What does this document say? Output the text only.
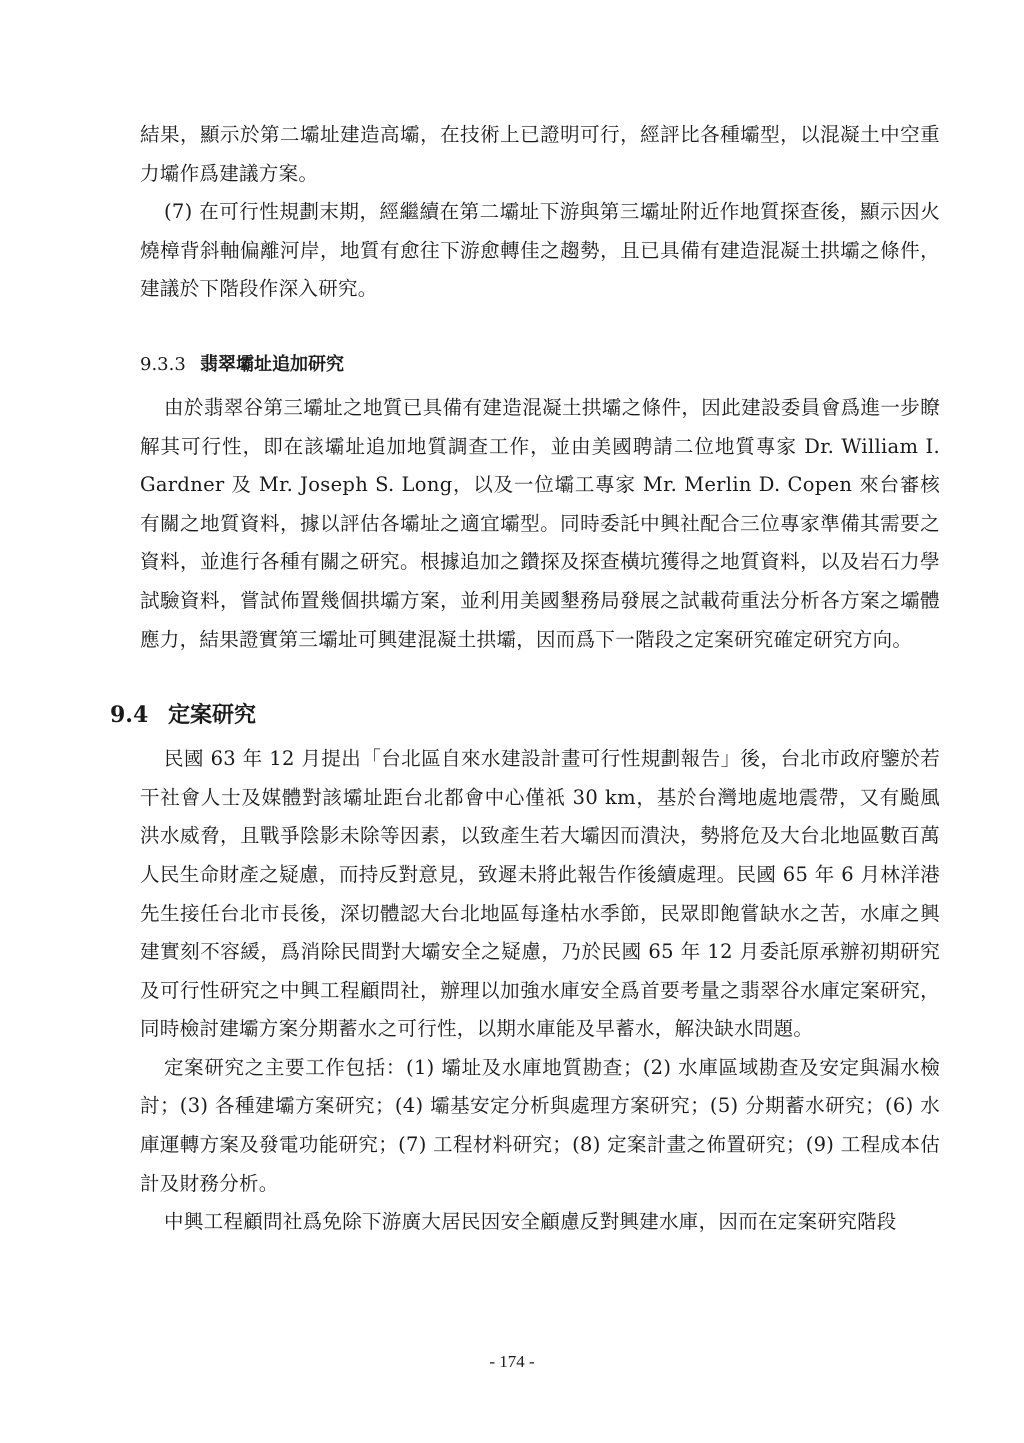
結果，顯示於第二壩址建造高壩，在技術上已證明可行，經評比各種壩型，以混凝土中空重力壩作爲建議方案。

(7) 在可行性規劃末期，經繼續在第二壩址下游與第三壩址附近作地質探查後，顯示因火燒樟背斜軸偏離河岸，地質有愈往下游愈轉佳之趨勢，且已具備有建造混凝土拱壩之條件，建議於下階段作深入研究。

9.3.3 翡翠壩址追加研究

由於翡翠谷第三壩址之地質已具備有建造混凝土拱壩之條件，因此建設委員會爲進一步瞭解其可行性，即在該壩址追加地質調查工作，並由美國聘請二位地質專家 Dr. William I. Gardner 及 Mr. Joseph S. Long，以及一位壩工專家 Mr. Merlin D. Copen 來台審核有關之地質資料，據以評估各壩址之適宜壩型。同時委託中興社配合三位專家準備其需要之資料，並進行各種有關之研究。根據追加之鑽探及探查橫坑獲得之地質資料，以及岩石力學試驗資料，嘗試佈置幾個拱壩方案，並利用美國墾務局發展之試載荷重法分析各方案之壩體應力，結果證實第三壩址可興建混凝土拱壩，因而爲下一階段之定案研究確定研究方向。

9.4 定案研究

民國 63 年 12 月提出「台北區自來水建設計畫可行性規劃報告」後，台北市政府鑒於若干社會人士及媒體對該壩址距台北都會中心僅祇 30 km，基於台灣地處地震帶，又有颱風洪水威脅，且戰爭陰影未除等因素，以致產生若大壩因而潰決，勢將危及大台北地區數百萬人民生命財產之疑慮，而持反對意見，致遲未將此報告作後續處理。民國 65 年 6 月林洋港先生接任台北市長後，深切體認大台北地區每逢枯水季節，民眾即飽嘗缺水之苦，水庫之興建實刻不容緩，爲消除民間對大壩安全之疑慮，乃於民國 65 年 12 月委託原承辦初期研究及可行性研究之中興工程顧問社，辦理以加強水庫安全爲首要考量之翡翠谷水庫定案研究，同時檢討建壩方案分期蓄水之可行性，以期水庫能及早蓄水，解決缺水問題。

定案研究之主要工作包括：(1) 壩址及水庫地質勘查；(2) 水庫區域勘查及安定與漏水檢討；(3) 各種建壩方案研究；(4) 壩基安定分析與處理方案研究；(5) 分期蓄水研究；(6) 水庫運轉方案及發電功能研究；(7) 工程材料研究；(8) 定案計畫之佈置研究；(9) 工程成本估計及財務分析。

中興工程顧問社爲免除下游廣大居民因安全顧慮反對興建水庫，因而在定案研究階段

- 174 -
